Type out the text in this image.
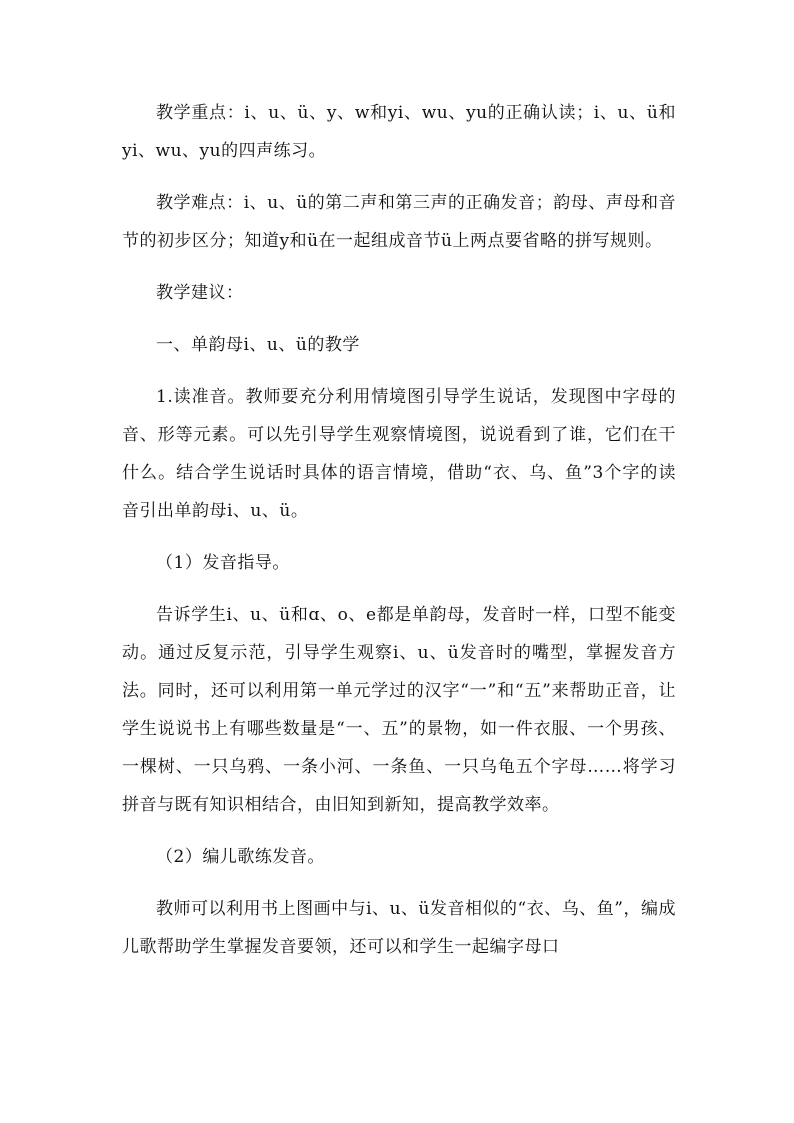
教学重点：i、u、ü、y、w和yi、wu、yu的正确认读；i、u、ü和yi、wu、yu的四声练习。

教学难点：i、u、ü的第二声和第三声的正确发音；韵母、声母和音节的初步区分；知道y和ü在一起组成音节ü上两点要省略的拼写规则。

教学建议：

一、单韵母i、u、ü的教学

1.读准音。教师要充分利用情境图引导学生说话，发现图中字母的音、形等元素。可以先引导学生观察情境图，说说看到了谁，它们在干什么。结合学生说话时具体的语言情境，借助“衣、乌、鱼”3个字的读音引出单韵母i、u、ü。

（1）发音指导。

告诉学生i、u、ü和ɑ、o、e都是单韵母，发音时一样，口型不能变动。通过反复示范，引导学生观察i、u、ü发音时的嘴型，掌握发音方法。同时，还可以利用第一单元学过的汉字“一”和“五”来帮助正音，让学生说说书上有哪些数量是“一、五”的景物，如一件衣服、一个男孩、一棵树、一只乌鸦、一条小河、一条鱼、一只乌龟五个字母……将学习拼音与既有知识相结合，由旧知到新知，提高教学效率。

（2）编儿歌练发音。

教师可以利用书上图画中与i、u、ü发音相似的“衣、乌、鱼”，编成儿歌帮助学生掌握发音要领，还可以和学生一起编字母口
